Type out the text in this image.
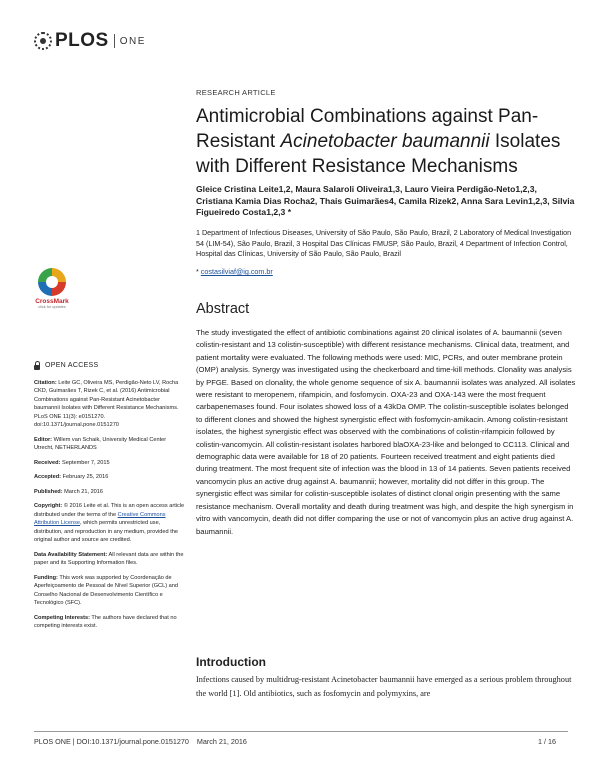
PLOS ONE
RESEARCH ARTICLE
Antimicrobial Combinations against Pan-Resistant Acinetobacter baumannii Isolates with Different Resistance Mechanisms
Gleice Cristina Leite1,2, Maura Salaroli Oliveira1,3, Lauro Vieira Perdigão-Neto1,2,3, Cristiana Kamia Dias Rocha2, Thais Guimarães4, Camila Rizek2, Anna Sara Levin1,2,3, Silvia Figueiredo Costa1,2,3 *
1 Department of Infectious Diseases, University of São Paulo, São Paulo, Brazil, 2 Laboratory of Medical Investigation 54 (LIM-54), São Paulo, Brazil, 3 Hospital Das Clínicas FMUSP, São Paulo, Brazil, 4 Department of Infection Control, Hospital das Clínicas, University of São Paulo, São Paulo, Brazil
* costasilviaf@ig.com.br
CrossMark
click for updates	Abstract
The study investigated the effect of antibiotic combinations against 20 clinical isolates of A. baumannii (seven colistin-resistant and 13 colistin-susceptible) with different resistance mechanisms. Clinical data, treatment, and patient mortality were evaluated. The following methods were used: MIC, PCRs, and outer membrane protein (OMP) analysis. Synergy was investigated using the checkerboard and time-kill methods. Clonality was analysis by PFGE. Based on clonality, the whole genome sequence of six A. baumannii isolates was analyzed. All isolates were resistant to meropenem, rifampicin, and fosfomycin. OXA-23 and OXA-143 were the most frequent carbapenemases found. Four isolates showed loss of a 43kDa OMP. The colistin-susceptible isolates belonged to different clones and showed the highest synergistic effect with fosfomycin-amikacin. Among colistin-resistant isolates, the highest synergistic effect was observed with the combinations of colistin-rifampicin followed by colistin-vancomycin. All colistin-resistant isolates harbored blaOXA-23-like and belonged to CC113. Clinical and demographic data were available for 18 of 20 patients. Fourteen received treatment and eight patients died during treatment. The most frequent site of infection was the blood in 13 of 14 patients. Seven patients received vancomycin plus an active drug against A. baumannii; however, mortality did not differ in this group. The synergistic effect was similar for colistin-susceptible isolates of distinct clonal origin presenting with the same resistance mechanism. Overall mortality and death during treatment was high, and despite the high synergism in vitro with vancomycin, death did not differ comparing the use or not of vancomycin plus an active drug against A. baumannii.
OPEN ACCESS
Citation: Leite GC, Oliveira MS, Perdigão-Neto LV, Rocha CKD, Guimarães T, Rizek C, et al. (2016) Antimicrobial Combinations against Pan-Resistant Acinetobacter baumannii Isolates with Different Resistance Mechanisms. PLoS ONE 11(3): e0151270. doi:10.1371/journal.pone.0151270
Editor: Willem van Schaik, University Medical Center Utrecht, NETHERLANDS
Received: September 7, 2015
Accepted: February 25, 2016
Published: March 21, 2016
Copyright: © 2016 Leite et al. This is an open access article distributed under the terms of the Creative Commons Attribution License, which permits unrestricted use, distribution, and reproduction in any medium, provided the original author and source are credited.
Data Availability Statement: All relevant data are within the paper and its Supporting Information files.
Funding: This work was supported by Coordenação de Aperfeiçoamento de Pessoal de Nível Superior (GCL) and Conselho Nacional de Desenvolvimento Científico e Tecnológico (SFC).
Competing Interests: The authors have declared that no competing interests exist.
Introduction
Infections caused by multidrug-resistant Acinetobacter baumannii have emerged as a serious problem throughout the world [1]. Old antibiotics, such as fosfomycin and polymyxins, are
PLOS ONE | DOI:10.1371/journal.pone.0151270    March 21, 2016	1 / 16
